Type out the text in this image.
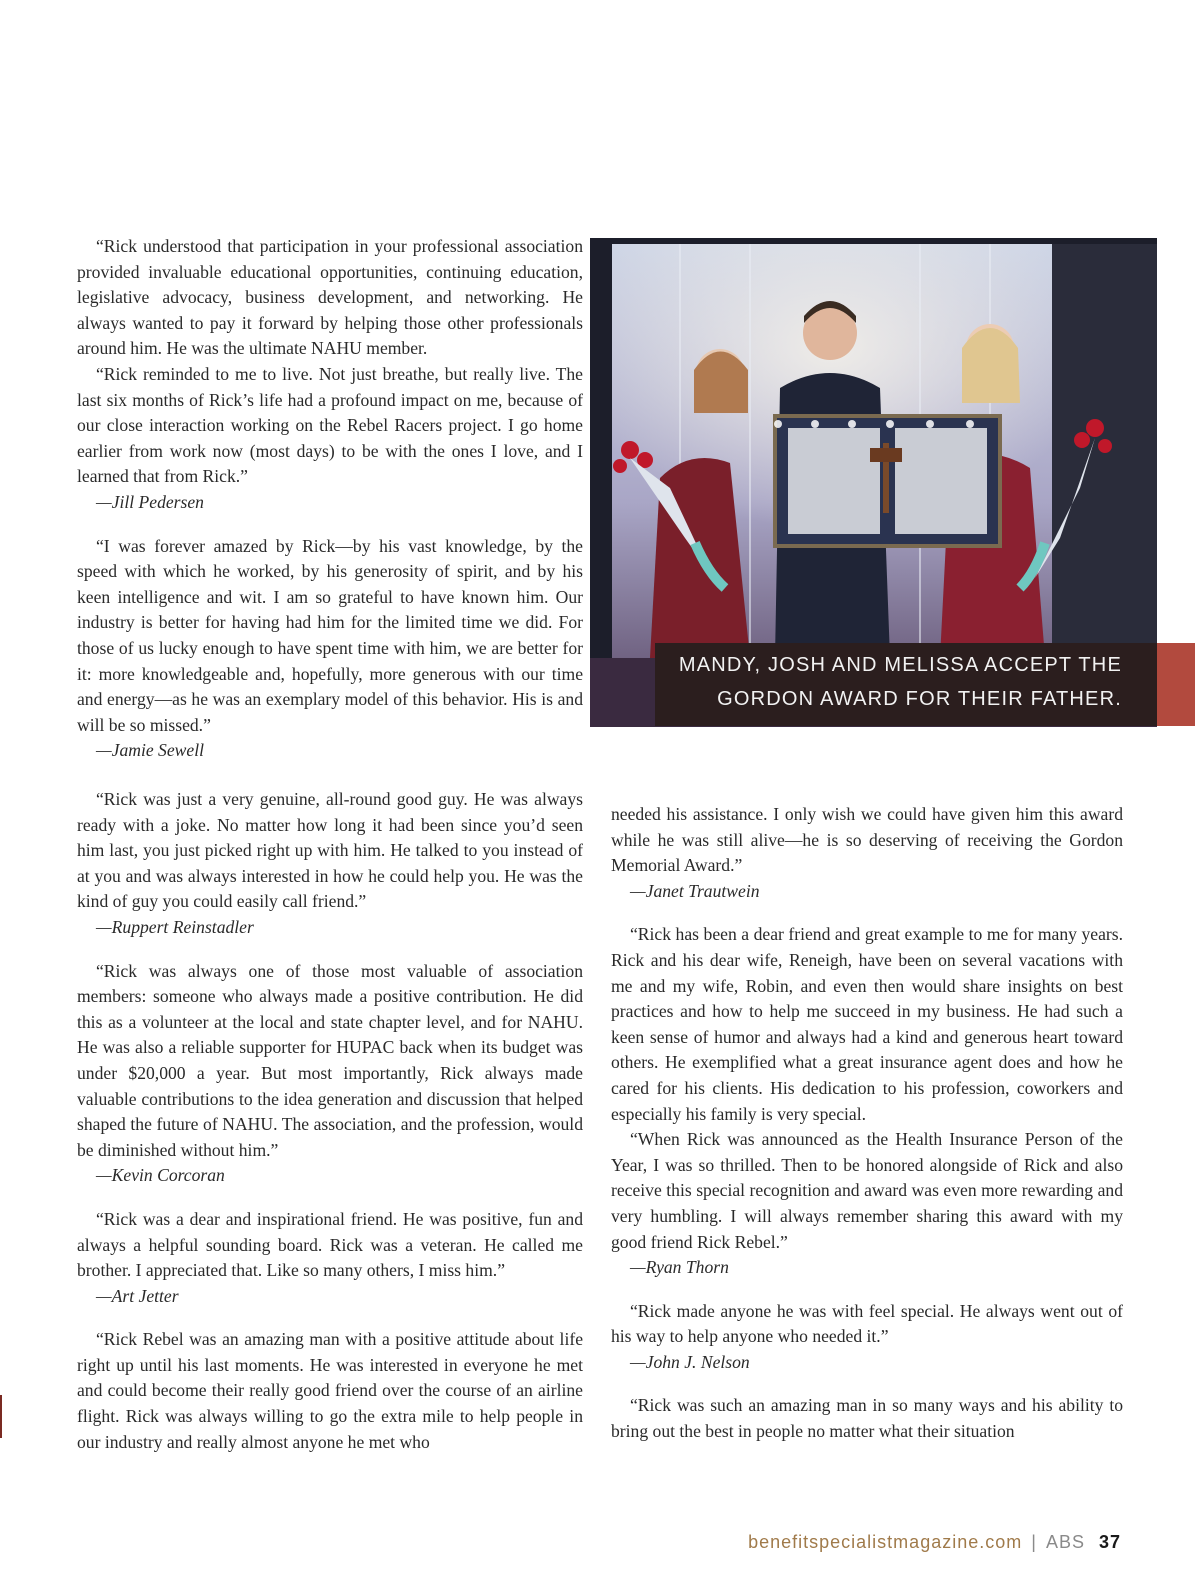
“Rick understood that participation in your professional association provided invaluable educational opportunities, continuing education, legislative advocacy, business development, and networking. He always wanted to pay it forward by helping those other professionals around him. He was the ultimate NAHU member.

“Rick reminded to me to live. Not just breathe, but really live. The last six months of Rick’s life had a profound impact on me, because of our close interaction working on the Rebel Racers project. I go home earlier from work now (most days) to be with the ones I love, and I learned that from Rick.”

—Jill Pedersen

“I was forever amazed by Rick—by his vast knowledge, by the speed with which he worked, by his generosity of spirit, and by his keen intelligence and wit. I am so grateful to have known him. Our industry is better for having had him for the limited time we did. For those of us lucky enough to have spent time with him, we are better for it: more knowledgeable and, hopefully, more generous with our time and energy—as he was an exemplary model of this behavior. His is and will be so missed.”

—Jamie Sewell

“Rick was just a very genuine, all-round good guy. He was always ready with a joke. No matter how long it had been since you’d seen him last, you just picked right up with him. He talked to you instead of at you and was always interested in how he could help you. He was the kind of guy you could easily call friend.”

—Ruppert Reinstadler

“Rick was always one of those most valuable of association members: someone who always made a positive contribution. He did this as a volunteer at the local and state chapter level, and for NAHU. He was also a reliable supporter for HUPAC back when its budget was under $20,000 a year. But most importantly, Rick always made valuable contributions to the idea generation and discussion that helped shaped the future of NAHU. The association, and the profession, would be diminished without him.”

—Kevin Corcoran

“Rick was a dear and inspirational friend. He was positive, fun and always a helpful sounding board. Rick was a veteran. He called me brother. I appreciated that. Like so many others, I miss him.”

—Art Jetter

“Rick Rebel was an amazing man with a positive attitude about life right up until his last moments. He was interested in everyone he met and could become their really good friend over the course of an airline flight. Rick was always willing to go the extra mile to help people in our industry and really almost anyone he met who

needed his assistance. I only wish we could have given him this award while he was still alive—he is so deserving of receiving the Gordon Memorial Award.”

—Janet Trautwein

“Rick has been a dear friend and great example to me for many years. Rick and his dear wife, Reneigh, have been on several vacations with me and my wife, Robin, and even then would share insights on best practices and how to help me succeed in my business. He had such a keen sense of humor and always had a kind and generous heart toward others. He exemplified what a great insurance agent does and how he cared for his clients. His dedication to his profession, coworkers and especially his family is very special.

“When Rick was announced as the Health Insurance Person of the Year, I was so thrilled. Then to be honored alongside of Rick and also receive this special recognition and award was even more rewarding and very humbling. I will always remember sharing this award with my good friend Rick Rebel.”

—Ryan Thorn

“Rick made anyone he was with feel special. He always went out of his way to help anyone who needed it.”

—John J. Nelson

“Rick was such an amazing man in so many ways and his ability to bring out the best in people no matter what their situation

MANDY, JOSH AND MELISSA ACCEPT THE
GORDON AWARD FOR THEIR FATHER.
benefitspecialistmagazine.com | ABS 37
